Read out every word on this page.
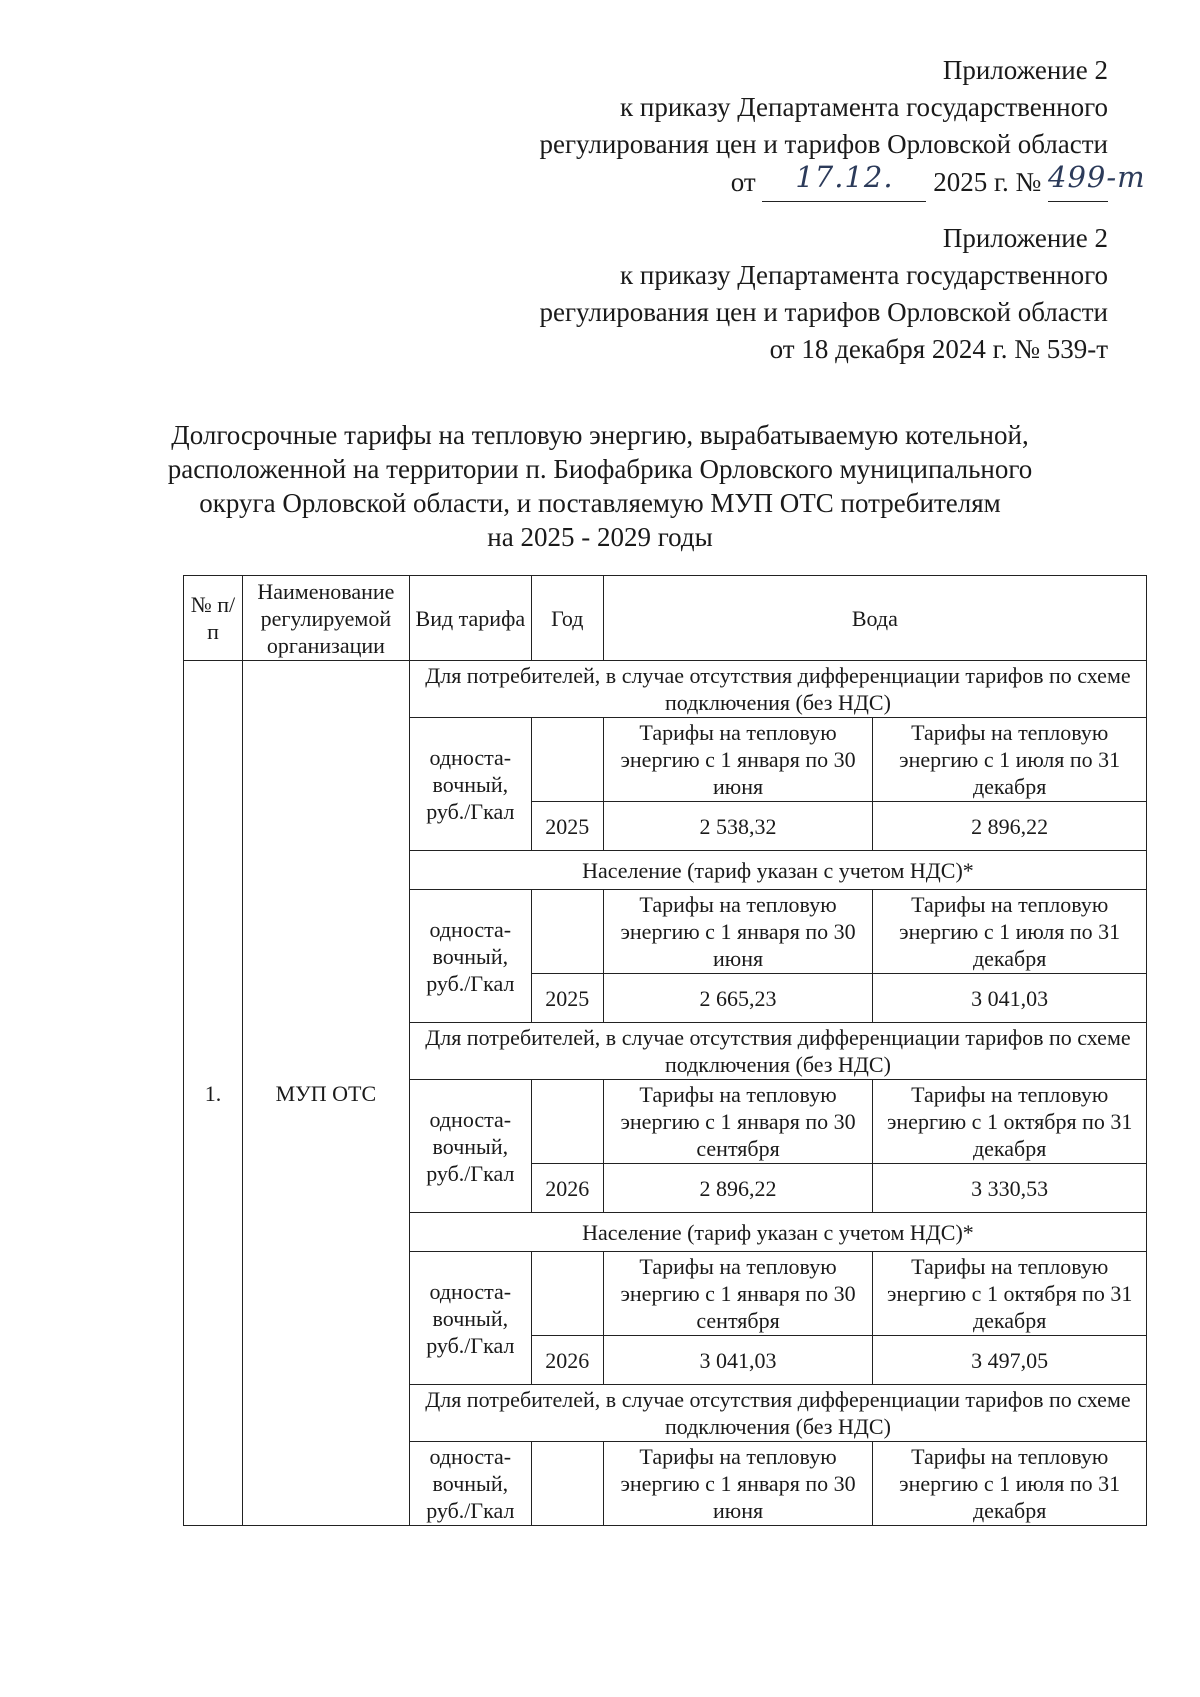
Приложение 2
к приказу Департамента государственного
регулирования цен и тарифов Орловской области
от 17.12. 2025 г. № 499-т
Приложение 2
к приказу Департамента государственного
регулирования цен и тарифов Орловской области
от 18 декабря 2024 г. № 539-т
Долгосрочные тарифы на тепловую энергию, вырабатываемую котельной,
расположенной на территории п. Биофабрика Орловского муниципального
округа Орловской области, и поставляемую МУП ОТС потребителям
на 2025 - 2029 годы
№ п/п	Наименование регулируемой организации	Вид тарифа	Год	Вода	
1.	МУП ОТС	Для потребителей, в случае отсутствия дифференциации тарифов по схеме подключения (без НДС)			
		односта-вочный, руб./Гкал		Тарифы на тепловую энергию с 1 января по 30 июня	Тарифы на тепловую энергию с 1 июля по 31 декабря
			2025	2 538,32	2 896,22
		Население (тариф указан с учетом НДС)*			
		односта-вочный, руб./Гкал		Тарифы на тепловую энергию с 1 января по 30 июня	Тарифы на тепловую энергию с 1 июля по 31 декабря
			2025	2 665,23	3 041,03
		Для потребителей, в случае отсутствия дифференциации тарифов по схеме подключения (без НДС)			
		односта-вочный, руб./Гкал		Тарифы на тепловую энергию с 1 января по 30 сентября	Тарифы на тепловую энергию с 1 октября по 31 декабря
			2026	2 896,22	3 330,53
		Население (тариф указан с учетом НДС)*			
		односта-вочный, руб./Гкал		Тарифы на тепловую энергию с 1 января по 30 сентября	Тарифы на тепловую энергию с 1 октября по 31 декабря
			2026	3 041,03	3 497,05
		Для потребителей, в случае отсутствия дифференциации тарифов по схеме подключения (без НДС)			
		односта-вочный, руб./Гкал		Тарифы на тепловую энергию с 1 января по 30 июня	Тарифы на тепловую энергию с 1 июля по 31 декабря
